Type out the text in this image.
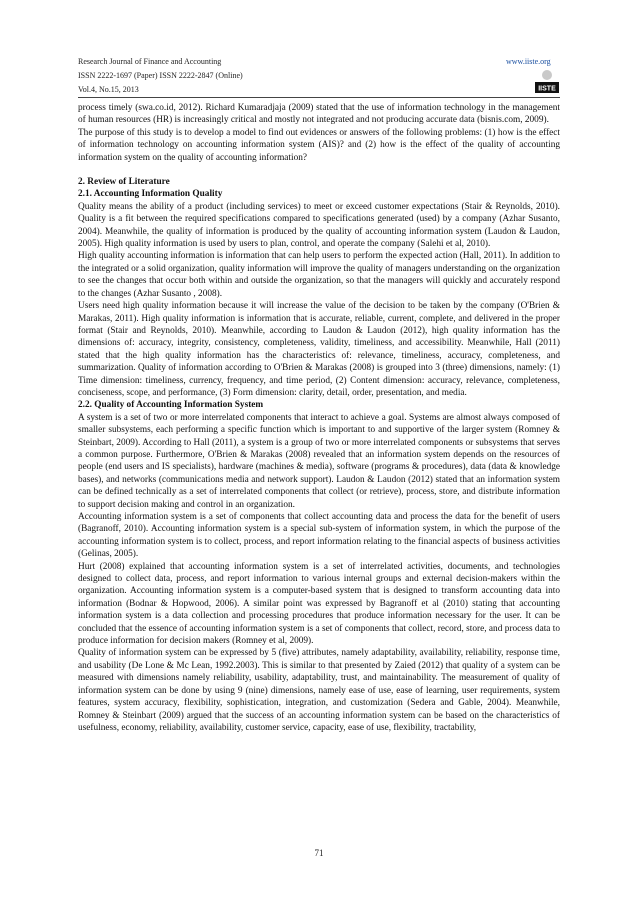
Research Journal of Finance and Accounting
ISSN 2222-1697 (Paper) ISSN 2222-2847 (Online)
Vol.4, No.15, 2013
www.iiste.org
IISTE

process timely (swa.co.id, 2012). Richard Kumaradjaja (2009) stated that the use of information technology in the management of human resources (HR) is increasingly critical and mostly not integrated and not producing accurate data (bisnis.com, 2009).

The purpose of this study is to develop a model to find out evidences or answers of the following problems: (1) how is the effect of information technology on accounting information system (AIS)? and (2) how is the effect of the quality of accounting information system on the quality of accounting information?

2. Review of Literature
2.1. Accounting Information Quality

Quality means the ability of a product (including services) to meet or exceed customer expectations (Stair & Reynolds, 2010). Quality is a fit between the required specifications compared to specifications generated (used) by a company (Azhar Susanto, 2004). Meanwhile, the quality of information is produced by the quality of accounting information system (Laudon & Laudon, 2005). High quality information is used by users to plan, control, and operate the company (Salehi et al, 2010).

High quality accounting information is information that can help users to perform the expected action (Hall, 2011). In addition to the integrated or a solid organization, quality information will improve the quality of managers understanding on the organization to see the changes that occur both within and outside the organization, so that the managers will quickly and accurately respond to the changes (Azhar Susanto , 2008).

Users need high quality information because it will increase the value of the decision to be taken by the company (O'Brien & Marakas, 2011). High quality information is information that is accurate, reliable, current, complete, and delivered in the proper format (Stair and Reynolds, 2010). Meanwhile, according to Laudon & Laudon (2012), high quality information has the dimensions of: accuracy, integrity, consistency, completeness, validity, timeliness, and accessibility. Meanwhile, Hall (2011) stated that the high quality information has the characteristics of: relevance, timeliness, accuracy, completeness, and summarization. Quality of information according to O'Brien & Marakas (2008) is grouped into 3 (three) dimensions, namely: (1) Time dimension: timeliness, currency, frequency, and time period, (2) Content dimension: accuracy, relevance, completeness, conciseness, scope, and performance, (3) Form dimension: clarity, detail, order, presentation, and media.

2.2. Quality of Accounting Information System

A system is a set of two or more interrelated components that interact to achieve a goal. Systems are almost always composed of smaller subsystems, each performing a specific function which is important to and supportive of the larger system (Romney & Steinbart, 2009). According to Hall (2011), a system is a group of two or more interrelated components or subsystems that serves a common purpose. Furthermore, O'Brien & Marakas (2008) revealed that an information system depends on the resources of people (end users and IS specialists), hardware (machines & media), software (programs & procedures), data (data & knowledge bases), and networks (communications media and network support). Laudon & Laudon (2012) stated that an information system can be defined technically as a set of interrelated components that collect (or retrieve), process, store, and distribute information to support decision making and control in an organization.

Accounting information system is a set of components that collect accounting data and process the data for the benefit of users (Bagranoff, 2010). Accounting information system is a special sub-system of information system, in which the purpose of the accounting information system is to collect, process, and report information relating to the financial aspects of business activities (Gelinas, 2005).

Hurt (2008) explained that accounting information system is a set of interrelated activities, documents, and technologies designed to collect data, process, and report information to various internal groups and external decision-makers within the organization. Accounting information system is a computer-based system that is designed to transform accounting data into information (Bodnar & Hopwood, 2006). A similar point was expressed by Bagranoff et al (2010) stating that accounting information system is a data collection and processing procedures that produce information necessary for the user. It can be concluded that the essence of accounting information system is a set of components that collect, record, store, and process data to produce information for decision makers (Romney et al, 2009).

Quality of information system can be expressed by 5 (five) attributes, namely adaptability, availability, reliability, response time, and usability (De Lone & Mc Lean, 1992.2003). This is similar to that presented by Zaied (2012) that quality of a system can be measured with dimensions namely reliability, usability, adaptability, trust, and maintainability. The measurement of quality of information system can be done by using 9 (nine) dimensions, namely ease of use, ease of learning, user requirements, system features, system accuracy, flexibility, sophistication, integration, and customization (Sedera and Gable, 2004). Meanwhile, Romney & Steinbart (2009) argued that the success of an accounting information system can be based on the characteristics of usefulness, economy, reliability, availability, customer service, capacity, ease of use, flexibility, tractability,

71
